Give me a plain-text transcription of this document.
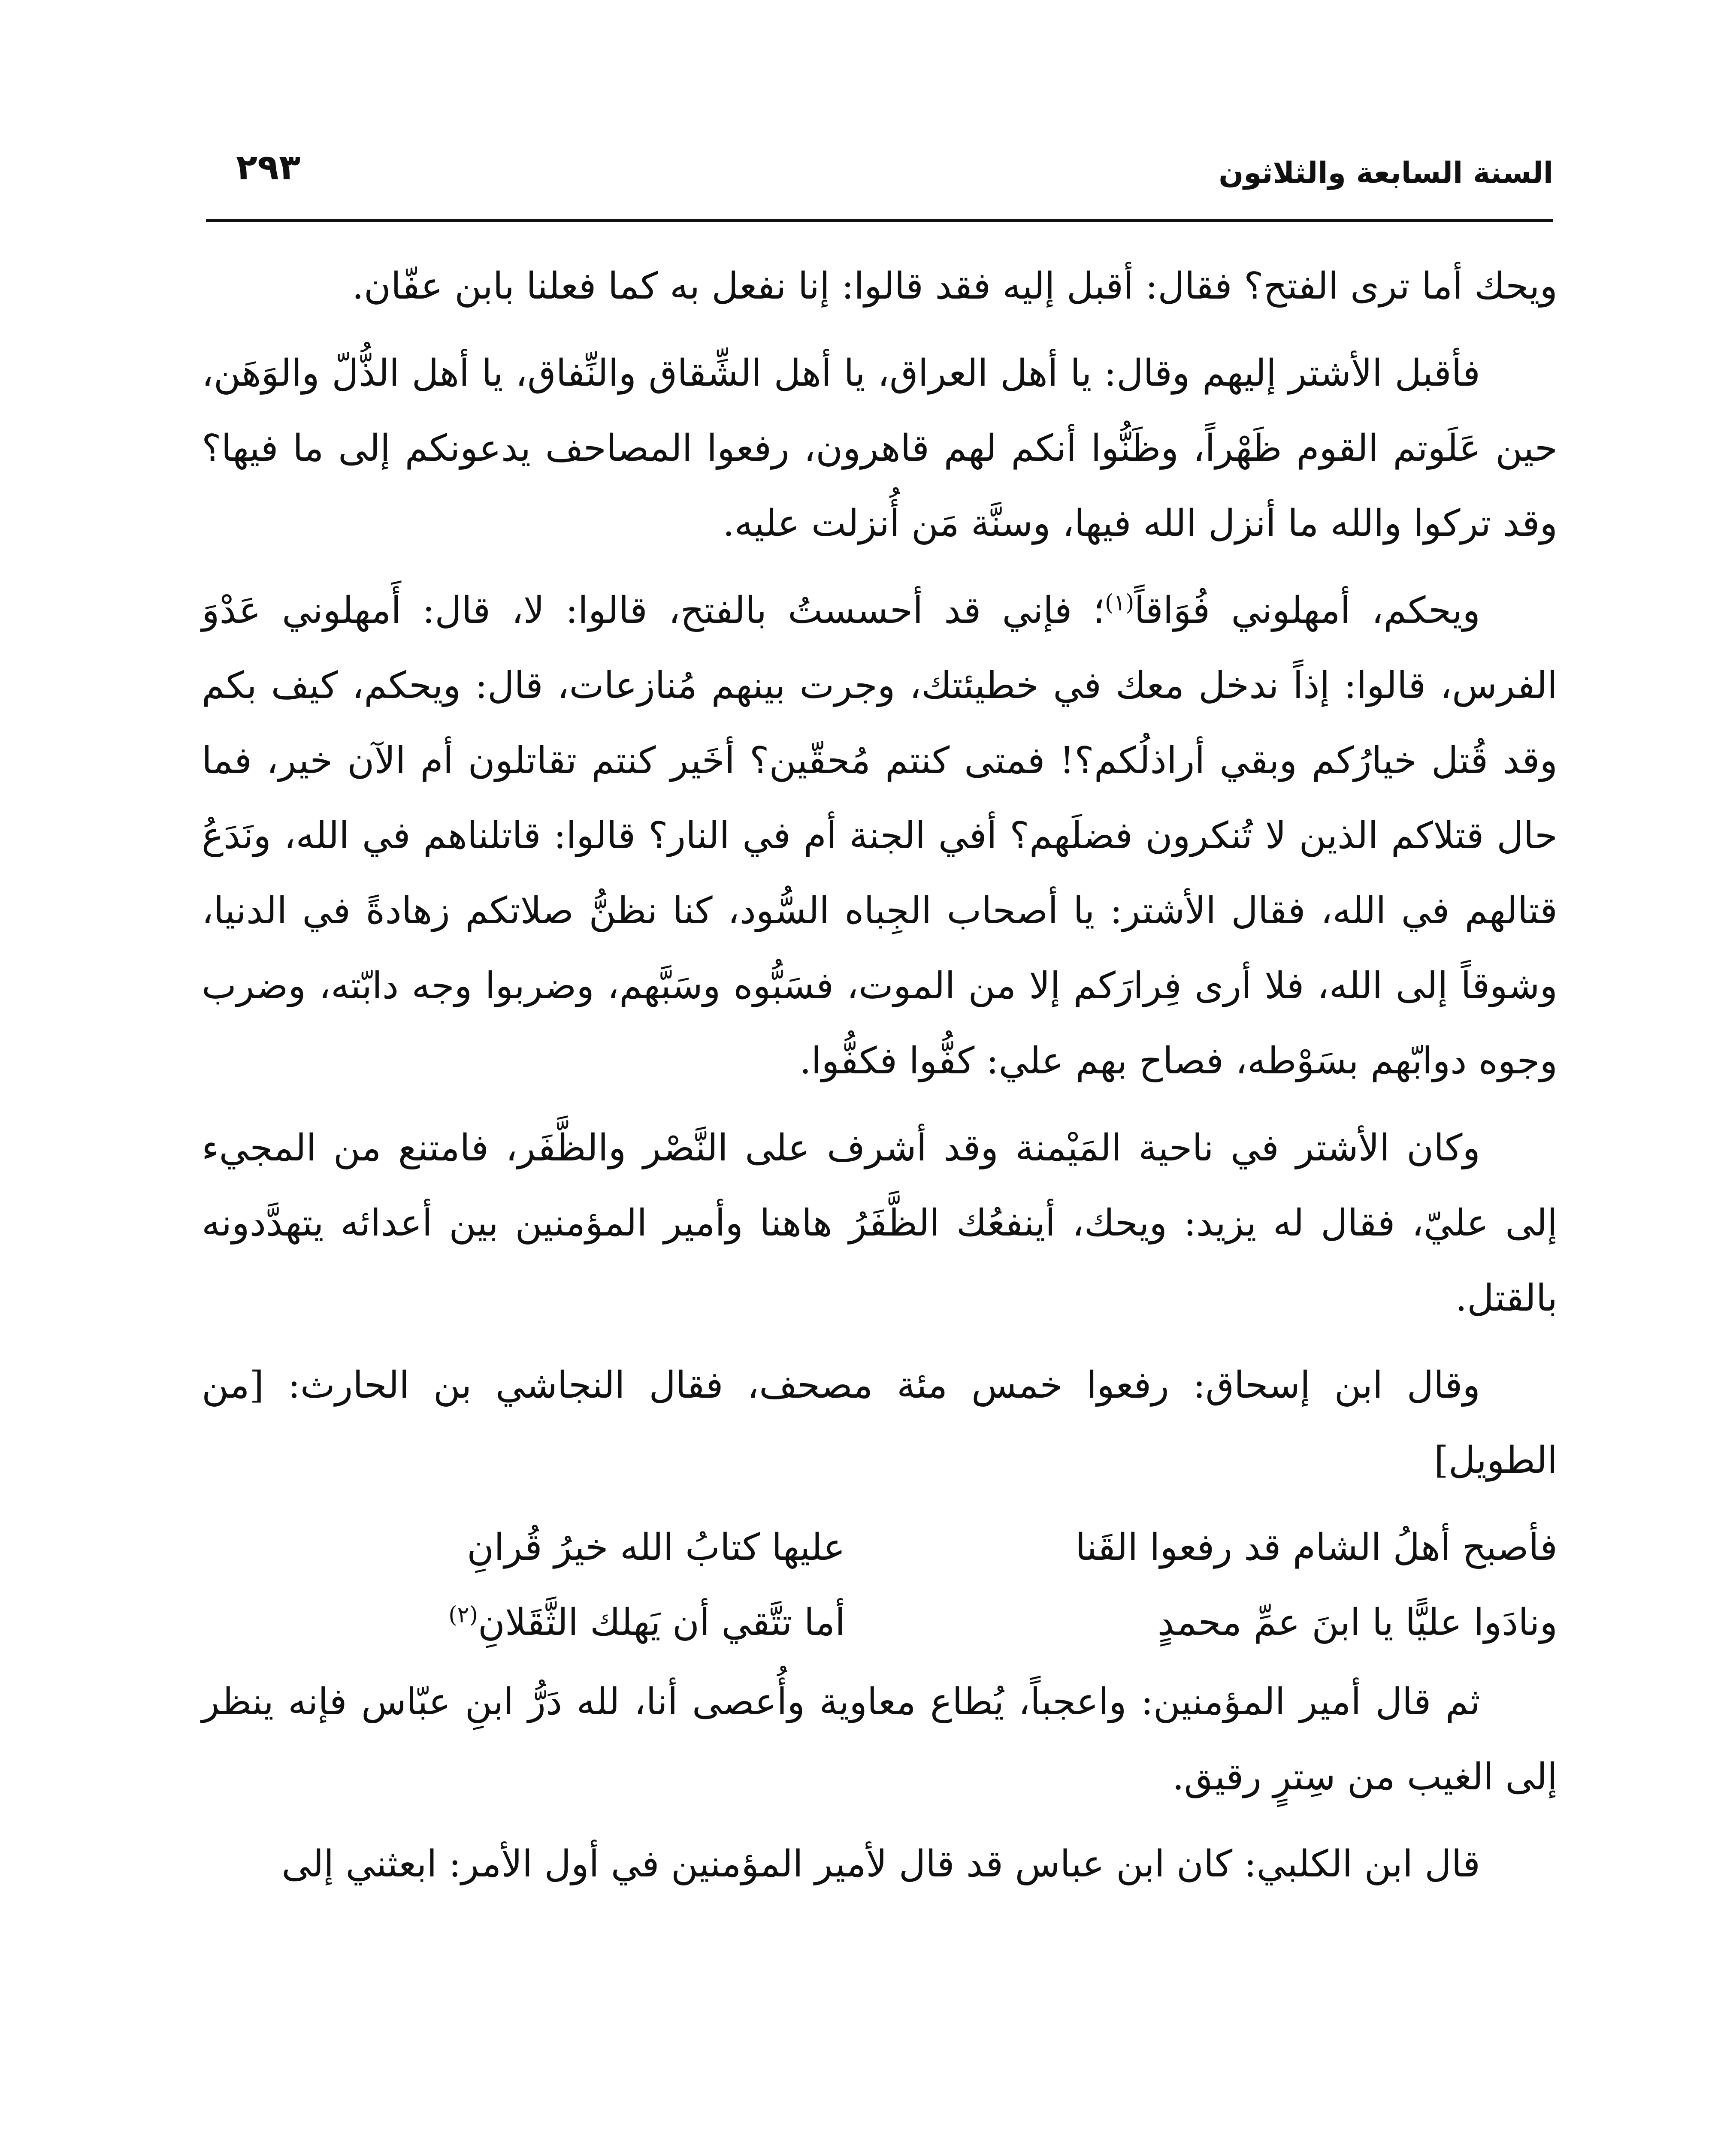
السنة السابعة والثلاثون
٢٩٣

ويحك أما ترى الفتح؟ فقال: أقبل إليه فقد قالوا: إنا نفعل به كما فعلنا بابن عفّان.

فأقبل الأشتر إليهم وقال: يا أهل العراق، يا أهل الشِّقاق والنِّفاق، يا أهل الذُّلّ والوَهَن، حين عَلَوتم القوم ظَهْراً، وظَنُّوا أنكم لهم قاهرون، رفعوا المصاحف يدعونكم إلى ما فيها؟ وقد تركوا والله ما أنزل الله فيها، وسنَّة مَن أُنزلت عليه.

ويحكم، أمهلوني فُوَاقاً$^{(١)}$؛ فإني قد أحسستُ بالفتح، قالوا: لا، قال: أَمهلوني عَدْوَ الفرس، قالوا: إذاً ندخل معك في خطيئتك، وجرت بينهم مُنازعات، قال: ويحكم، كيف بكم وقد قُتل خيارُكم وبقي أراذلُكم؟! فمتى كنتم مُحقّين؟ أخَير كنتم تقاتلون أم الآن خير، فما حال قتلاكم الذين لا تُنكرون فضلَهم؟ أفي الجنة أم في النار؟ قالوا: قاتلناهم في الله، ونَدَعُ قتالهم في الله، فقال الأشتر: يا أصحاب الجِباه السُّود، كنا نظنُّ صلاتكم زهادةً في الدنيا، وشوقاً إلى الله، فلا أرى فِرارَكم إلا من الموت، فسَبُّوه وسَبَّهم، وضربوا وجه دابّته، وضرب وجوه دوابّهم بسَوْطه، فصاح بهم علي: كفُّوا فكفُّوا.

وكان الأشتر في ناحية المَيْمنة وقد أشرف على النَّصْر والظَّفَر، فامتنع من المجيء إلى عليّ، فقال له يزيد: ويحك، أينفعُك الظَّفَرُ هاهنا وأمير المؤمنين بين أعدائه يتهدَّدونه بالقتل.

وقال ابن إسحاق: رفعوا خمس مئة مصحف، فقال النجاشي بن الحارث: [من الطويل]

فأصبح أهلُ الشام قد رفعوا القَنا
عليها كتابُ الله خيرُ قُرانِ
ونادَوا عليًّا يا ابنَ عمِّ محمدٍ
أما تتَّقي أن يَهلك الثَّقَلانِ$^{(٢)}$

ثم قال أمير المؤمنين: واعجباً، يُطاع معاوية وأُعصى أنا، لله دَرُّ ابنِ عبّاس فإنه ينظر إلى الغيب من سِترٍ رقيق.

قال ابن الكلبي: كان ابن عباس قد قال لأمير المؤمنين في أول الأمر: ابعثني إلى
